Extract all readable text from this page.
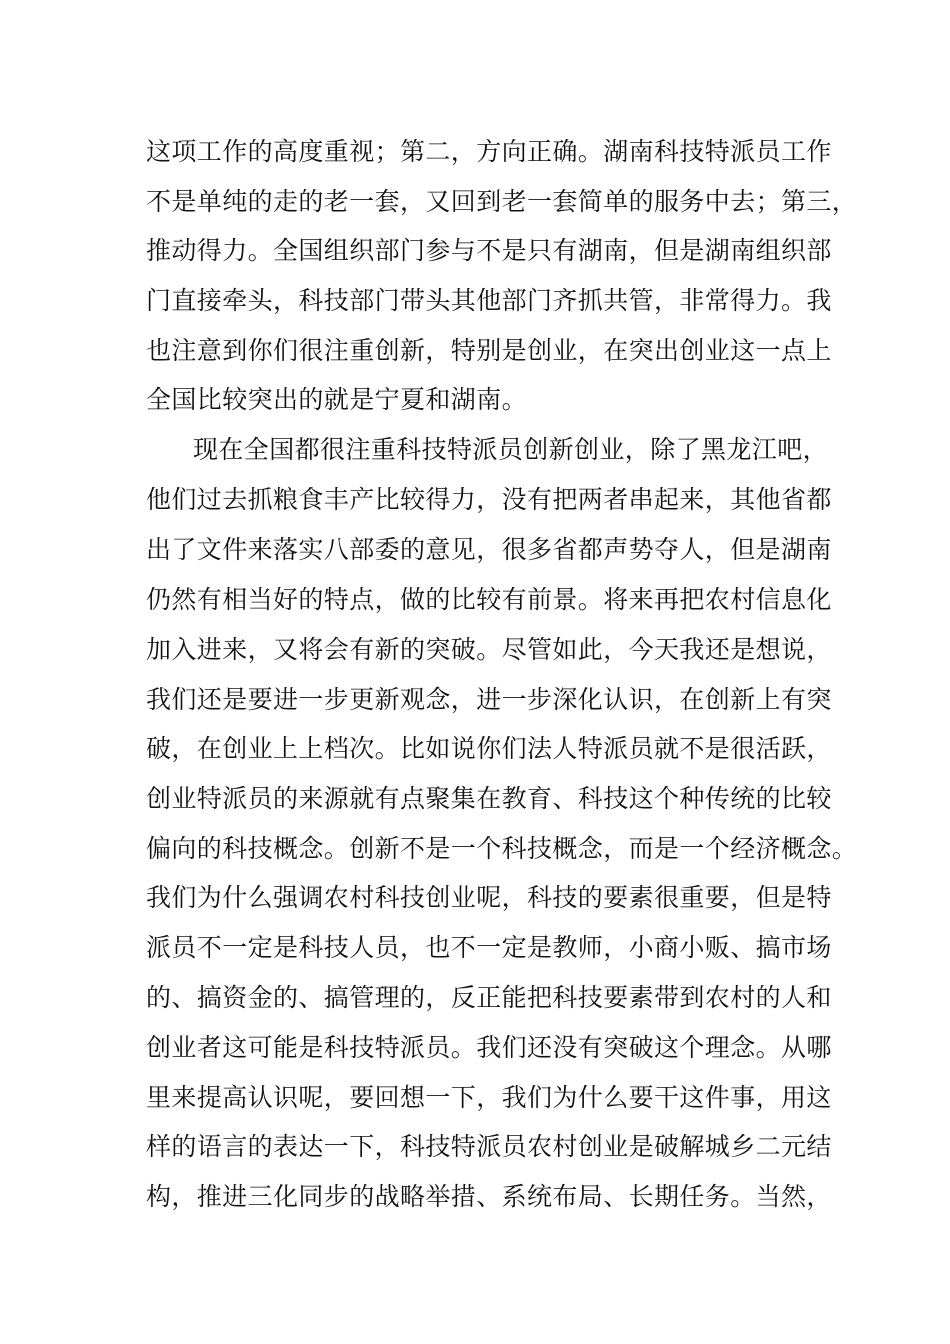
这项工作的高度重视；第二，方向正确。湖南科技特派员工作
不是单纯的走的老一套，又回到老一套简单的服务中去；第三，
推动得力。全国组织部门参与不是只有湖南，但是湖南组织部
门直接牵头，科技部门带头其他部门齐抓共管，非常得力。我
也注意到你们很注重创新，特别是创业，在突出创业这一点上
全国比较突出的就是宁夏和湖南。
现在全国都很注重科技特派员创新创业，除了黑龙江吧，
他们过去抓粮食丰产比较得力，没有把两者串起来，其他省都
出了文件来落实八部委的意见，很多省都声势夺人，但是湖南
仍然有相当好的特点，做的比较有前景。将来再把农村信息化
加入进来，又将会有新的突破。尽管如此，今天我还是想说，
我们还是要进一步更新观念，进一步深化认识，在创新上有突
破，在创业上上档次。比如说你们法人特派员就不是很活跃，
创业特派员的来源就有点聚集在教育、科技这个种传统的比较
偏向的科技概念。创新不是一个科技概念，而是一个经济概念。
我们为什么强调农村科技创业呢，科技的要素很重要，但是特
派员不一定是科技人员，也不一定是教师，小商小贩、搞市场
的、搞资金的、搞管理的，反正能把科技要素带到农村的人和
创业者这可能是科技特派员。我们还没有突破这个理念。从哪
里来提高认识呢，要回想一下，我们为什么要干这件事，用这
样的语言的表达一下，科技特派员农村创业是破解城乡二元结
构，推进三化同步的战略举措、系统布局、长期任务。当然，
